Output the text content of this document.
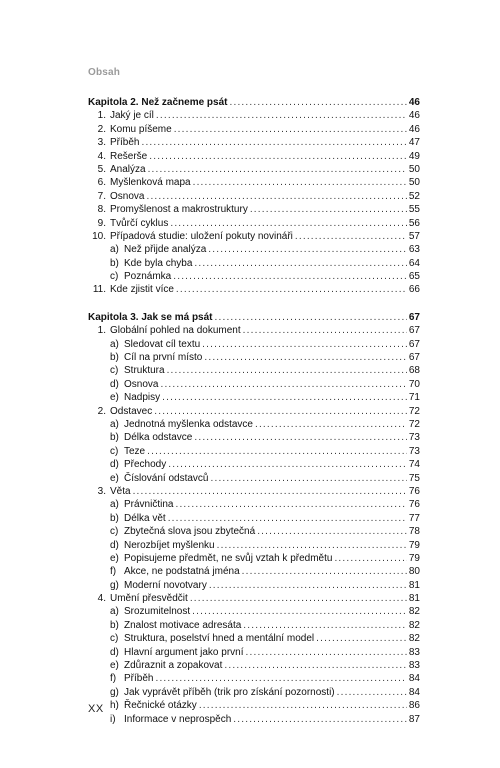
Obsah
Kapitola 2. Než začneme psát .....	46
1. Jaký je cíl .....	46
2. Komu píšeme .....	46
3. Příběh .....	47
4. Rešerše .....	49
5. Analýza .....	50
6. Myšlenková mapa .....	50
7. Osnova .....	52
8. Promyšlenost a makrostruktury .....	55
9. Tvůrčí cyklus .....	56
10. Případová studie: uložení pokuty novináři .....	57
a) Než přijde analýza .....	63
b) Kde byla chyba .....	64
c) Poznámka .....	65
11. Kde zjistit více .....	66
Kapitola 3. Jak se má psát .....	67
1. Globální pohled na dokument .....	67
a) Sledovat cíl textu .....	67
b) Cíl na první místo .....	67
c) Struktura .....	68
d) Osnova .....	70
e) Nadpisy .....	71
2. Odstavec .....	72
a) Jednotná myšlenka odstavce .....	72
b) Délka odstavce .....	73
c) Teze .....	73
d) Přechody .....	74
e) Číslování odstavců .....	75
3. Věta .....	76
a) Právničtina .....	76
b) Délka vět .....	77
c) Zbytečná slova jsou zbytečná .....	78
d) Nerozbíjet myšlenku .....	79
e) Popisujeme předmět, ne svůj vztah k předmětu .....	79
f) Akce, ne podstatná jména .....	80
g) Moderní novotvary .....	81
4. Umění přesvědčit .....	81
a) Srozumitelnost .....	82
b) Znalost motivace adresáta .....	82
c) Struktura, poselství hned a mentální model .....	82
d) Hlavní argument jako první .....	83
e) Zdůraznit a zopakovat .....	83
f) Příběh .....	84
g) Jak vyprávět příběh (trik pro získání pozornosti) .....	84
h) Řečnické otázky .....	86
i) Informace v neprospěch .....	87
XX
